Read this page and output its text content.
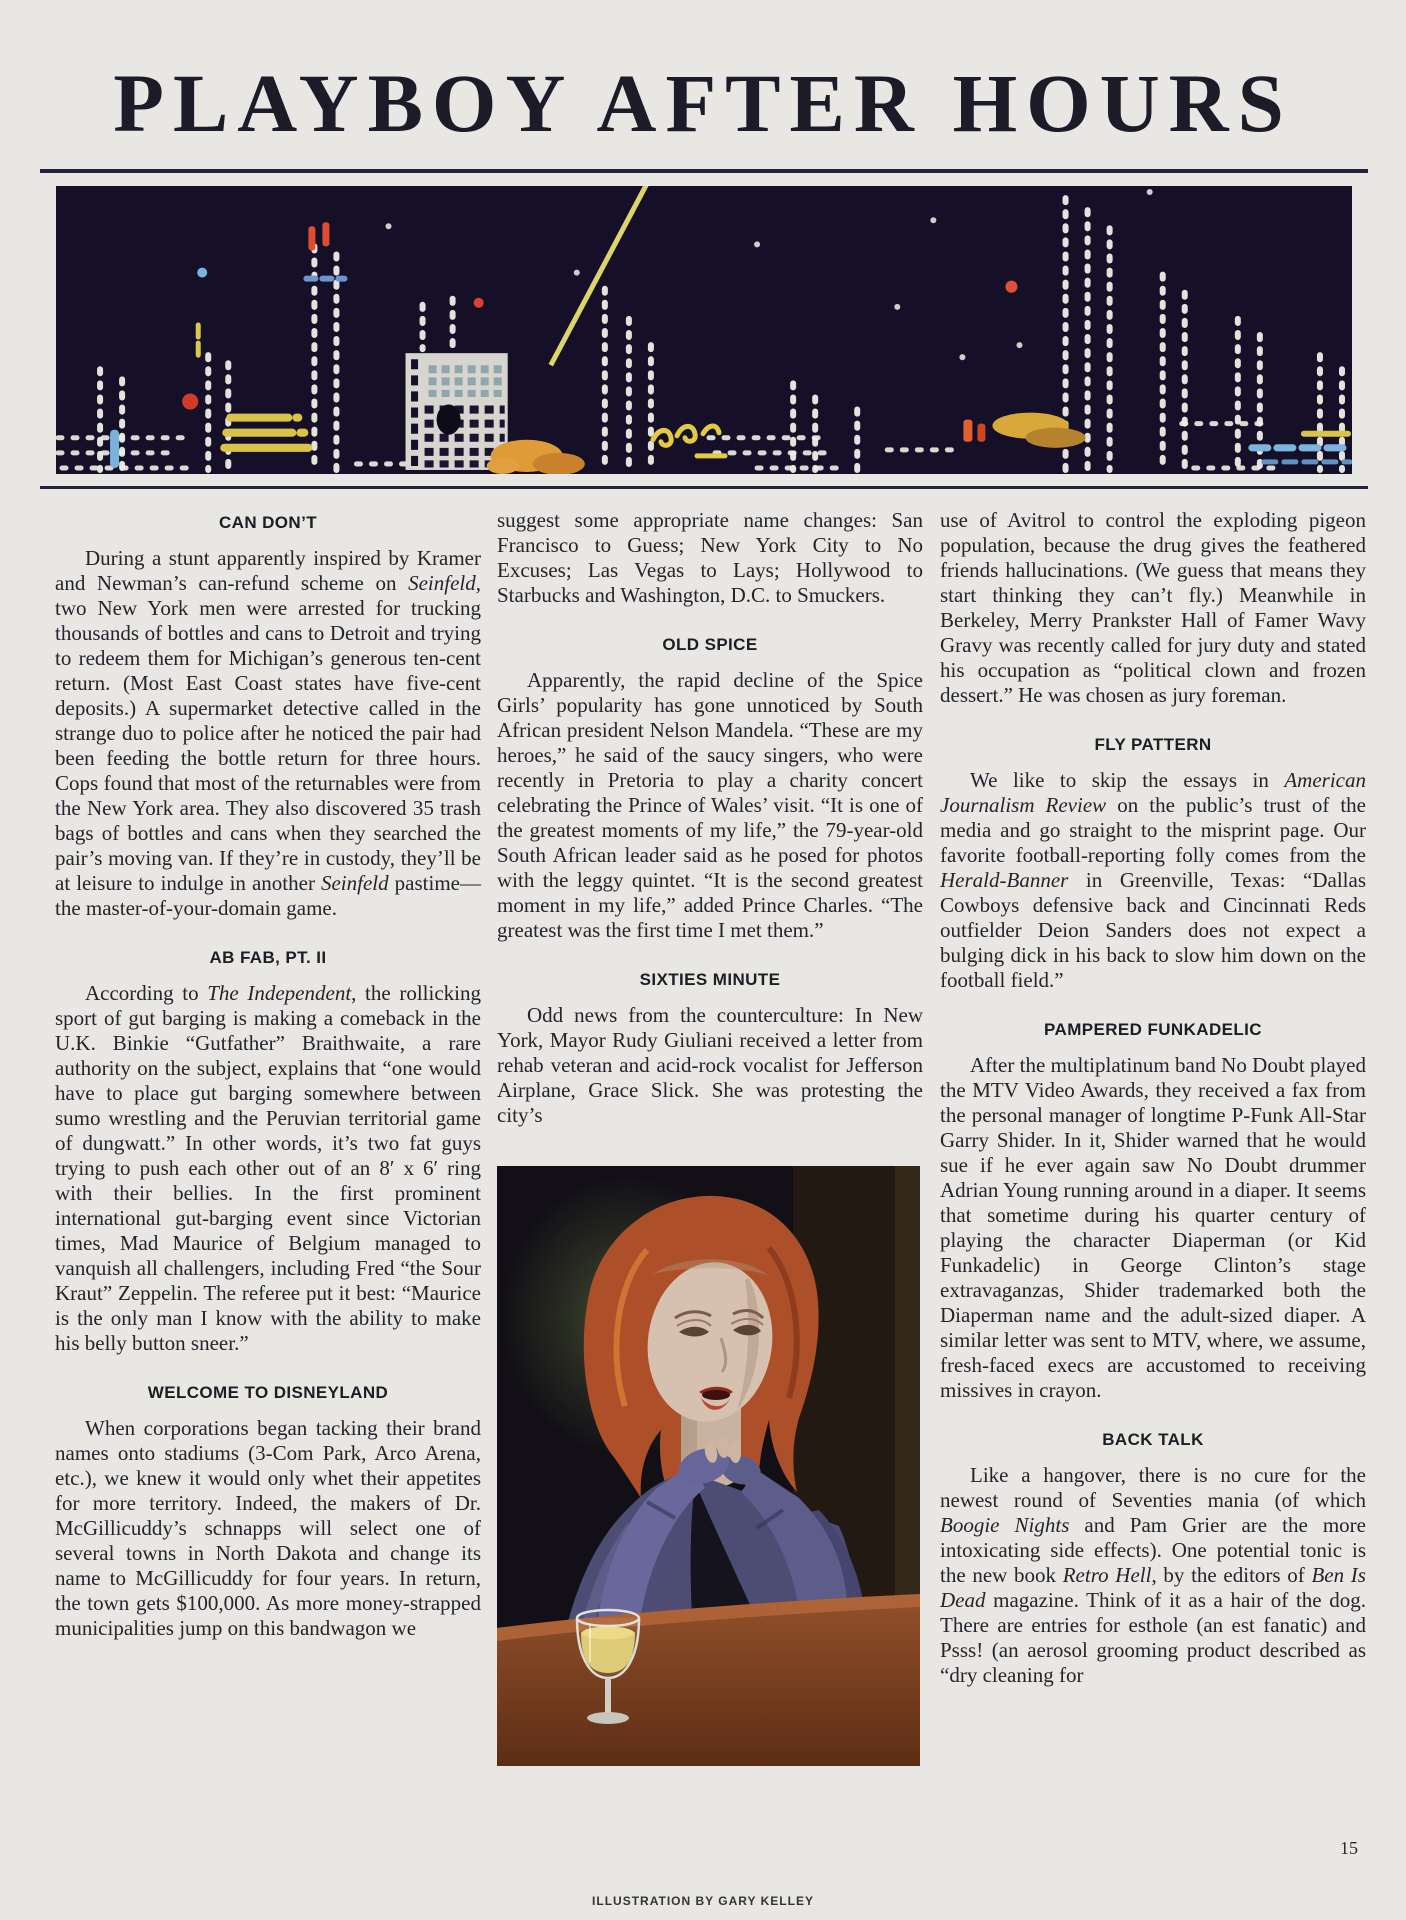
PLAYBOY AFTER HOURS
CAN DON’T

During a stunt apparently inspired by Kramer and Newman’s can-refund scheme on Seinfeld, two New York men were arrested for trucking thousands of bottles and cans to Detroit and trying to redeem them for Michigan’s generous ten-cent return. (Most East Coast states have five-cent deposits.) A supermarket detective called in the strange duo to police after he noticed the pair had been feeding the bottle return for three hours. Cops found that most of the returnables were from the New York area. They also discovered 35 trash bags of bottles and cans when they searched the pair’s moving van. If they’re in custody, they’ll be at leisure to indulge in another Seinfeld pastime—the master-of-your-domain game.

AB FAB, PT. II

According to The Independent, the rollicking sport of gut barging is making a comeback in the U.K. Binkie “Gutfather” Braithwaite, a rare authority on the subject, explains that “one would have to place gut barging somewhere between sumo wrestling and the Peruvian territorial game of dungwatt.” In other words, it’s two fat guys trying to push each other out of an 8′ x 6′ ring with their bellies. In the first prominent international gut-barging event since Victorian times, Mad Maurice of Belgium managed to vanquish all challengers, including Fred “the Sour Kraut” Zeppelin. The referee put it best: “Maurice is the only man I know with the ability to make his belly button sneer.”

WELCOME TO DISNEYLAND

When corporations began tacking their brand names onto stadiums (3-Com Park, Arco Arena, etc.), we knew it would only whet their appetites for more territory. Indeed, the makers of Dr. McGillicuddy’s schnapps will select one of several towns in North Dakota and change its name to McGillicuddy for four years. In return, the town gets $100,000. As more money-strapped municipalities jump on this bandwagon we

suggest some appropriate name changes: San Francisco to Guess; New York City to No Excuses; Las Vegas to Lays; Hollywood to Starbucks and Washington, D.C. to Smuckers.

OLD SPICE

Apparently, the rapid decline of the Spice Girls’ popularity has gone unnoticed by South African president Nelson Mandela. “These are my heroes,” he said of the saucy singers, who were recently in Pretoria to play a charity concert celebrating the Prince of Wales’ visit. “It is one of the greatest moments of my life,” the 79-year-old South African leader said as he posed for photos with the leggy quintet. “It is the second greatest moment in my life,” added Prince Charles. “The greatest was the first time I met them.”

SIXTIES MINUTE

Odd news from the counterculture: In New York, Mayor Rudy Giuliani received a letter from rehab veteran and acid-rock vocalist for Jefferson Airplane, Grace Slick. She was protesting the city’s

use of Avitrol to control the exploding pigeon population, because the drug gives the feathered friends hallucinations. (We guess that means they start thinking they can’t fly.) Meanwhile in Berkeley, Merry Prankster Hall of Famer Wavy Gravy was recently called for jury duty and stated his occupation as “political clown and frozen dessert.” He was chosen as jury foreman.

FLY PATTERN

We like to skip the essays in American Journalism Review on the public’s trust of the media and go straight to the misprint page. Our favorite football-reporting folly comes from the Herald-Banner in Greenville, Texas: “Dallas Cowboys defensive back and Cincinnati Reds outfielder Deion Sanders does not expect a bulging dick in his back to slow him down on the football field.”

PAMPERED FUNKADELIC

After the multiplatinum band No Doubt played the MTV Video Awards, they received a fax from the personal manager of longtime P-Funk All-Star Garry Shider. In it, Shider warned that he would sue if he ever again saw No Doubt drummer Adrian Young running around in a diaper. It seems that sometime during his quarter century of playing the character Diaperman (or Kid Funkadelic) in George Clinton’s stage extravaganzas, Shider trademarked both the Diaperman name and the adult-sized diaper. A similar letter was sent to MTV, where, we assume, fresh-faced execs are accustomed to receiving missives in crayon.

BACK TALK

Like a hangover, there is no cure for the newest round of Seventies mania (of which Boogie Nights and Pam Grier are the more intoxicating side effects). One potential tonic is the new book Retro Hell, by the editors of Ben Is Dead magazine. Think of it as a hair of the dog. There are entries for esthole (an est fanatic) and Psss! (an aerosol grooming product described as “dry cleaning for

15
ILLUSTRATION BY GARY KELLEY
